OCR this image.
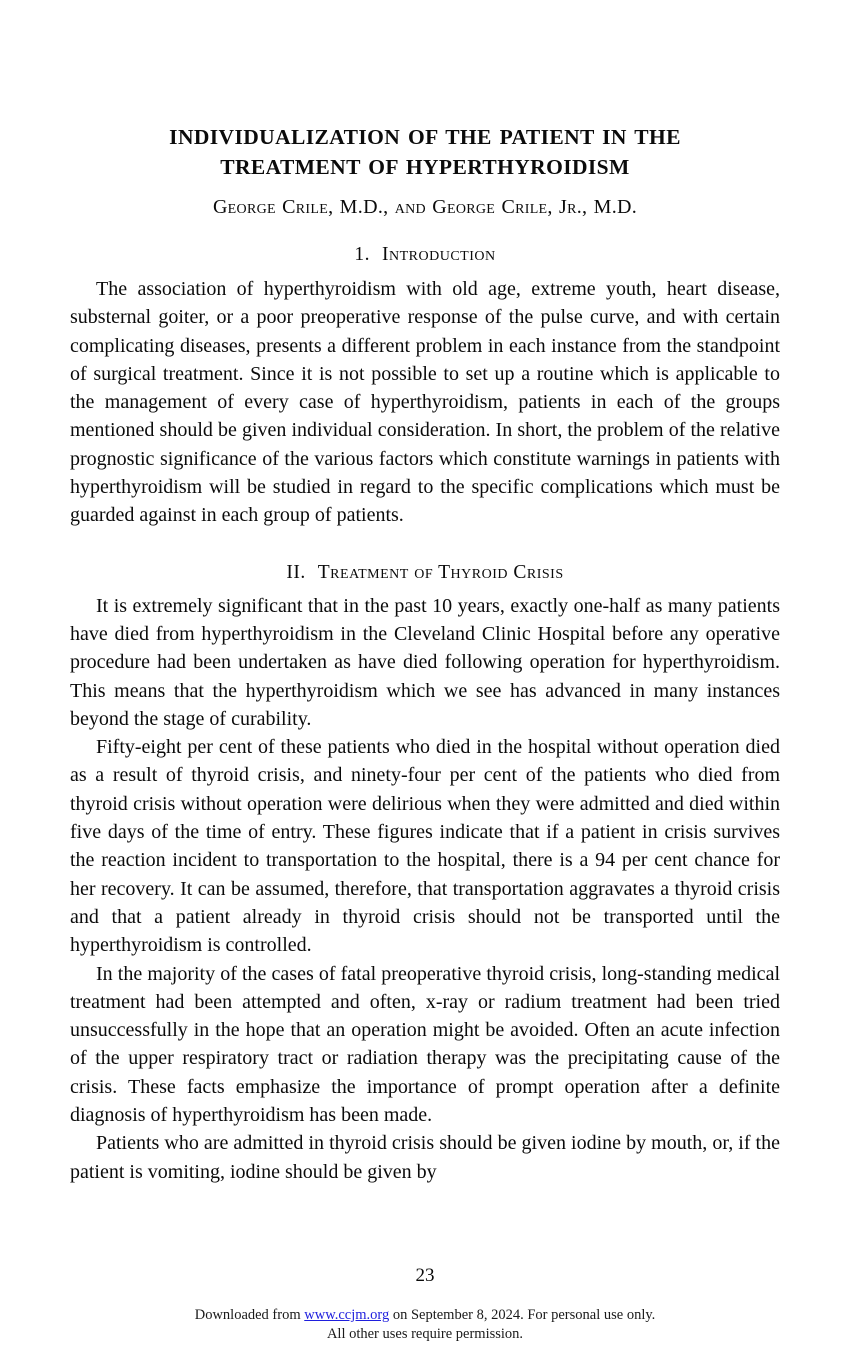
INDIVIDUALIZATION OF THE PATIENT IN THE
TREATMENT OF HYPERTHYROIDISM

George Crile, M.D., and George Crile, Jr., M.D.

1. Introduction

The association of hyperthyroidism with old age, extreme youth, heart disease, substernal goiter, or a poor preoperative response of the pulse curve, and with certain complicating diseases, presents a different problem in each instance from the standpoint of surgical treatment. Since it is not possible to set up a routine which is applicable to the management of every case of hyperthyroidism, patients in each of the groups mentioned should be given individual consideration. In short, the problem of the relative prognostic significance of the various factors which constitute warnings in patients with hyperthyroidism will be studied in regard to the specific complications which must be guarded against in each group of patients.

II. Treatment of Thyroid Crisis

It is extremely significant that in the past 10 years, exactly one-half as many patients have died from hyperthyroidism in the Cleveland Clinic Hospital before any operative procedure had been undertaken as have died following operation for hyperthyroidism. This means that the hyperthyroidism which we see has advanced in many instances beyond the stage of curability.

Fifty-eight per cent of these patients who died in the hospital without operation died as a result of thyroid crisis, and ninety-four per cent of the patients who died from thyroid crisis without operation were delirious when they were admitted and died within five days of the time of entry. These figures indicate that if a patient in crisis survives the reaction incident to transportation to the hospital, there is a 94 per cent chance for her recovery. It can be assumed, therefore, that transportation aggravates a thyroid crisis and that a patient already in thyroid crisis should not be transported until the hyperthyroidism is controlled.

In the majority of the cases of fatal preoperative thyroid crisis, long-standing medical treatment had been attempted and often, x-ray or radium treatment had been tried unsuccessfully in the hope that an operation might be avoided. Often an acute infection of the upper respiratory tract or radiation therapy was the precipitating cause of the crisis. These facts emphasize the importance of prompt operation after a definite diagnosis of hyperthyroidism has been made.

Patients who are admitted in thyroid crisis should be given iodine by mouth, or, if the patient is vomiting, iodine should be given by

23
Downloaded from www.ccjm.org on September 8, 2024. For personal use only.
All other uses require permission.
